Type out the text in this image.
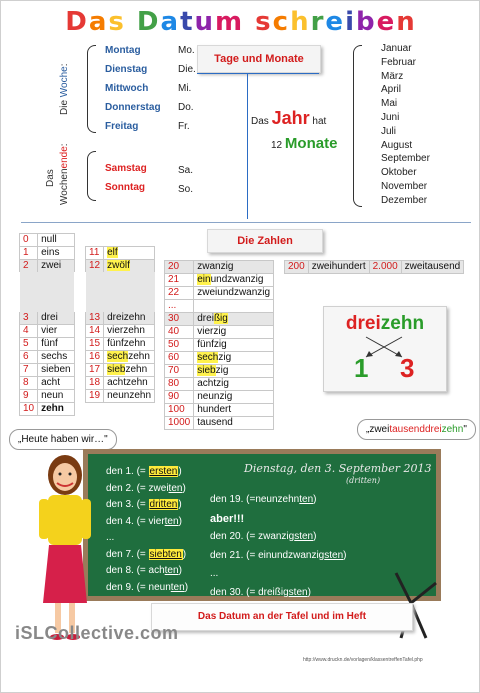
Das Datum schreiben
Die Woche:
Montag	Mo.
Dienstag	Die.
Mittwoch	Mi.
Donnerstag Do.
Freitag	Fr.
Das Wochenende:
Samstag	Sa.
Sonntag	So.
Tage und Monate
Das Jahr hat
12 Monate
Januar
Februar
März
April
Mai
Juni
Juli
August
September
Oktober
November
Dezember
Die Zahlen
0	null
1	eins
2	zwei
3	drei
4	vier
5	fünf
6	sechs
7	sieben
8	acht
9	neun
10	zehn
11	elf
12	zwölf
13	dreizehn
14	vierzehn
15	fünfzehn
16	sechzehn
17	siebzehn
18	achtzehn
19	neunzehn
20	zwanzig
21	einundzwanzig
22	zweiundzwanzig
...	
30	dreißig
40	vierzig
50	fünfzig
60	sechzig
70	siebzig
80	achtzig
90	neunzig
100	hundert
1000	tausend
200	zweihundert	2.000	zweitausend
dreizehn
1 3
„Heute haben wir…"
„zweitausenddreizehn"
Dienstag, den 3. September 2013
(dritten)
den 1. (= ersten)
den 2. (= zweiten)
den 3. (= dritten)
den 4. (= vierten)
...
den 7. (= siebten)
den 8. (= achten)
den 9. (= neunten)
den 19. (=neunzehnten)
aber!!!
den 20. (= zwanzigsten)
den 21. (= einundzwanzigsten)
...
den 30. (= dreißigsten)
Das Datum an der Tafel und im Heft
iSLCollective.com
http://www.druckn.de/vorlagen/klassentreffenTafel.php
